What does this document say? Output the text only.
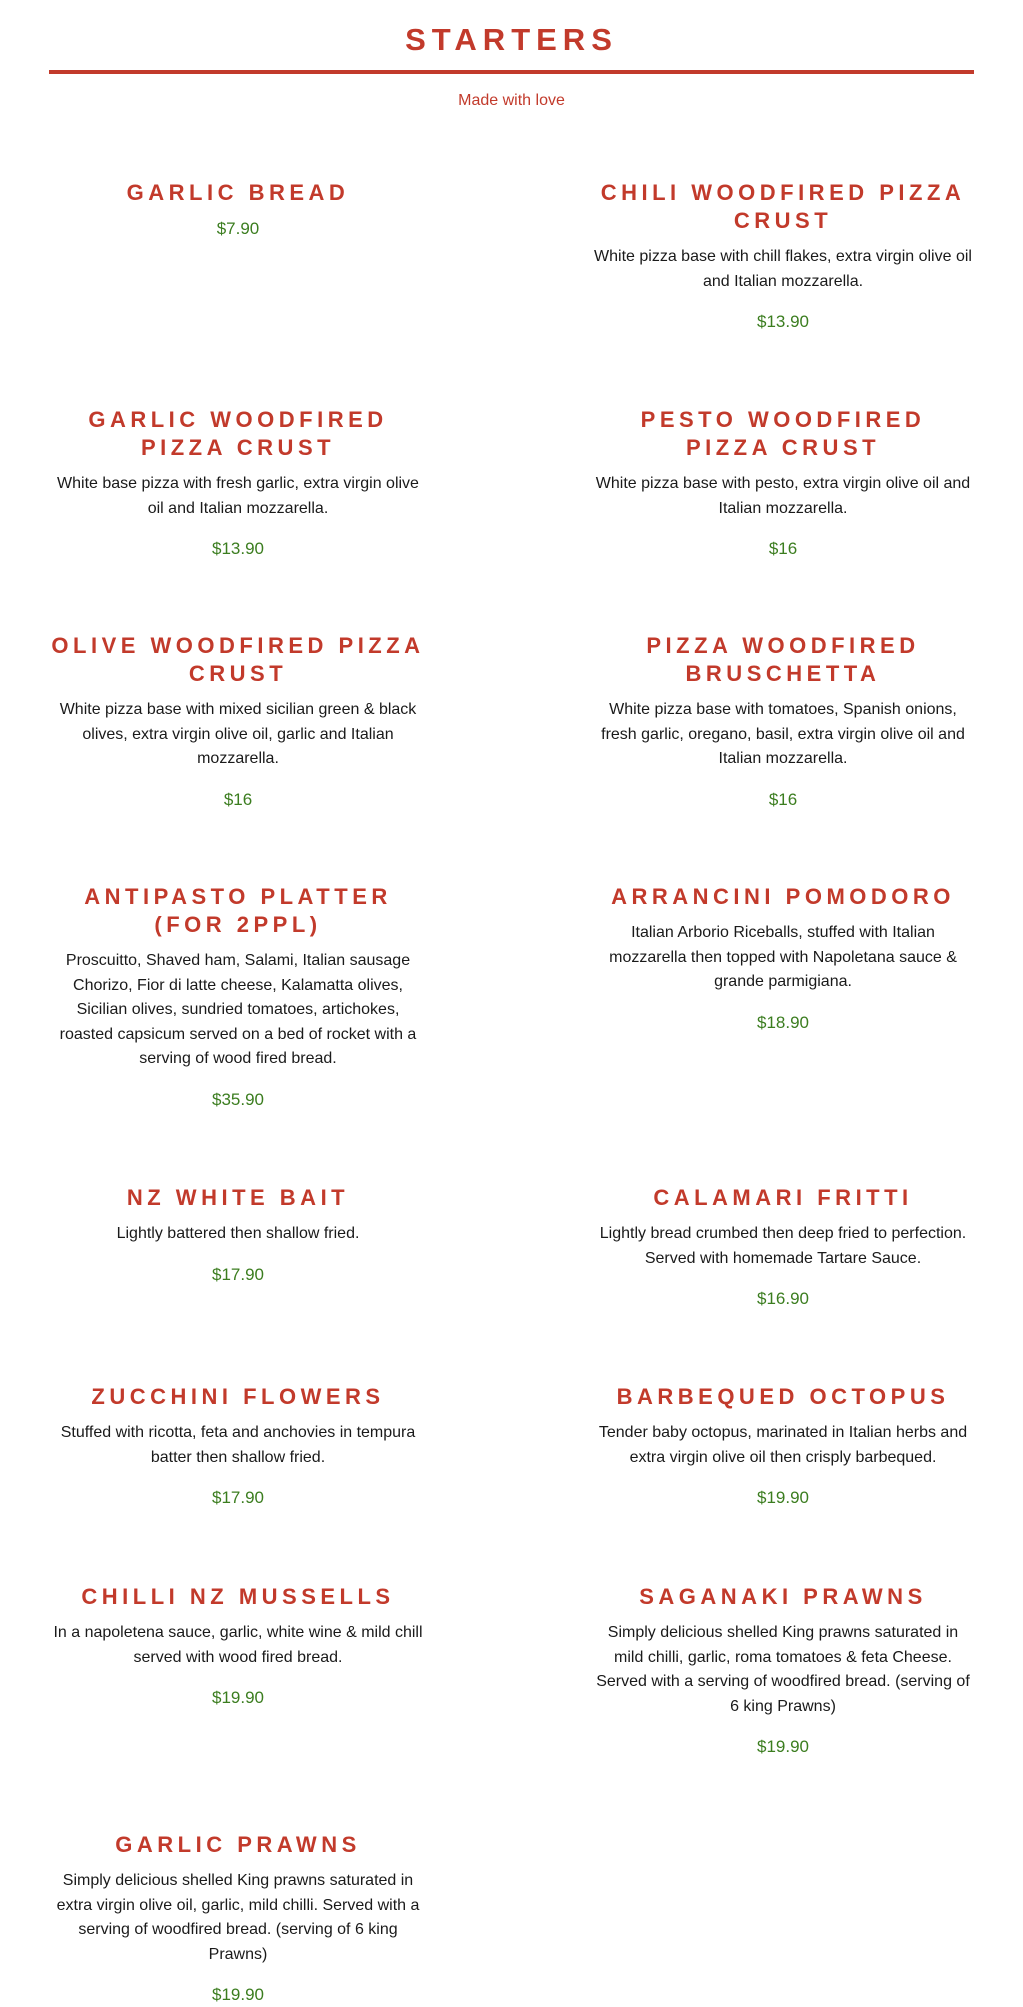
STARTERS
Made with love
GARLIC BREAD
$7.90
CHILI WOODFIRED PIZZA CRUST

White pizza base with chill flakes, extra virgin olive oil and Italian mozzarella.

$13.90
GARLIC WOODFIRED PIZZA CRUST

White base pizza with fresh garlic, extra virgin olive oil and Italian mozzarella.

$13.90
PESTO WOODFIRED PIZZA CRUST

White pizza base with pesto, extra virgin olive oil and Italian mozzarella.

$16
OLIVE WOODFIRED PIZZA CRUST

White pizza base with mixed sicilian green & black olives, extra virgin olive oil, garlic and Italian mozzarella.

$16
PIZZA WOODFIRED BRUSCHETTA

White pizza base with tomatoes, Spanish onions, fresh garlic, oregano, basil, extra virgin olive oil and Italian mozzarella.

$16
ANTIPASTO PLATTER (FOR 2PPL)

Proscuitto, Shaved ham, Salami, Italian sausage Chorizo, Fior di latte cheese, Kalamatta olives, Sicilian olives, sundried tomatoes, artichokes, roasted capsicum served on a bed of rocket with a serving of wood fired bread.

$35.90
ARRANCINI POMODORO

Italian Arborio Riceballs, stuffed with Italian mozzarella then topped with Napoletana sauce & grande parmigiana.

$18.90
NZ WHITE BAIT

Lightly battered then shallow fried.

$17.90
CALAMARI FRITTI

Lightly bread crumbed then deep fried to perfection. Served with homemade Tartare Sauce.

$16.90
ZUCCHINI FLOWERS

Stuffed with ricotta, feta and anchovies in tempura batter then shallow fried.

$17.90
BARBEQUED OCTOPUS

Tender baby octopus, marinated in Italian herbs and extra virgin olive oil then crisply barbequed.

$19.90
CHILLI NZ MUSSELLS

In a napoletena sauce, garlic, white wine & mild chill served with wood fired bread.

$19.90
SAGANAKI PRAWNS

Simply delicious shelled King prawns saturated in mild chilli, garlic, roma tomatoes & feta Cheese. Served with a serving of woodfired bread. (serving of 6 king Prawns)

$19.90
GARLIC PRAWNS

Simply delicious shelled King prawns saturated in extra virgin olive oil, garlic, mild chilli. Served with a serving of woodfired bread. (serving of 6 king Prawns)

$19.90
